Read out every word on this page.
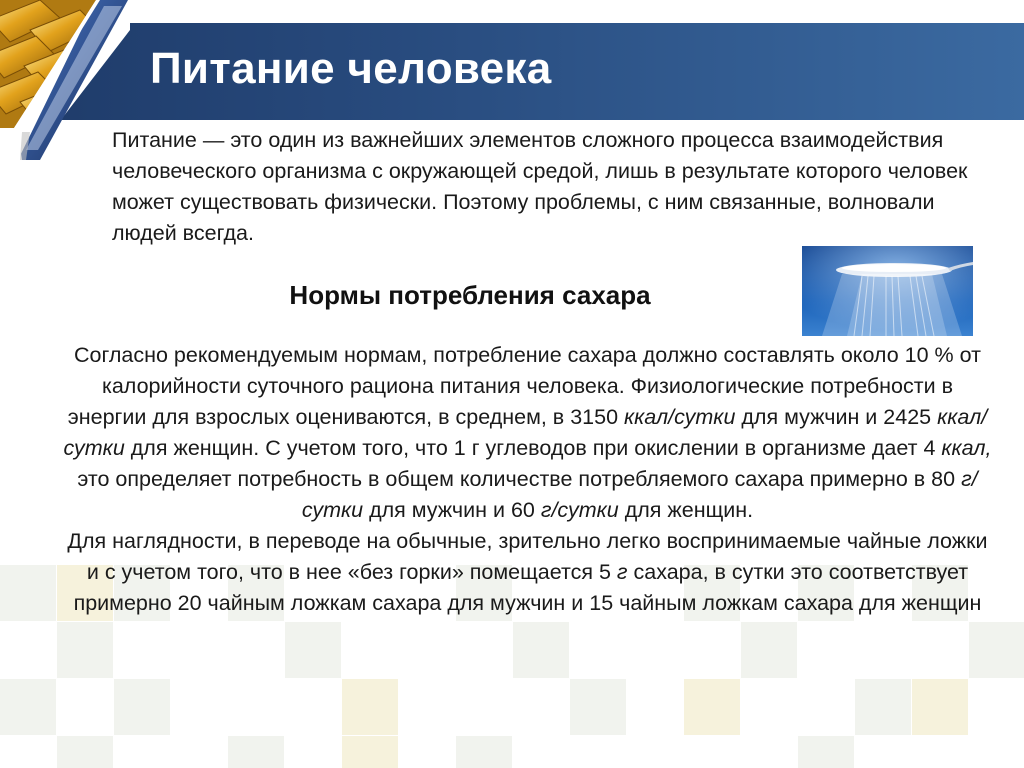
Питание человека

Питание — это один из важнейших элементов сложного процесса взаимодействия человеческого организма с окружающей средой, лишь в результате которого человек может существовать физически. Поэтому проблемы, с ним связанные, волновали людей всегда.

Нормы потребления сахара

Согласно рекомендуемым нормам, потребление сахара должно составлять около 10 % от калорийности суточного рациона питания человека. Физиологические потребности в энергии для взрослых оцениваются, в среднем, в 3150 ккал/сутки для мужчин и 2425 ккал/сутки для женщин. С учетом того, что 1 г углеводов при окислении в организме дает 4 ккал, это определяет потребность в общем количестве потребляемого сахара примерно в 80 г/сутки для мужчин и 60 г/сутки для женщин.
Для наглядности, в переводе на обычные, зрительно легко воспринимаемые чайные ложки и с учетом того, что в нее «без горки» помещается 5 г сахара, в сутки это соответствует примерно 20 чайным ложкам сахара для мужчин и 15 чайным ложкам сахара для женщин
